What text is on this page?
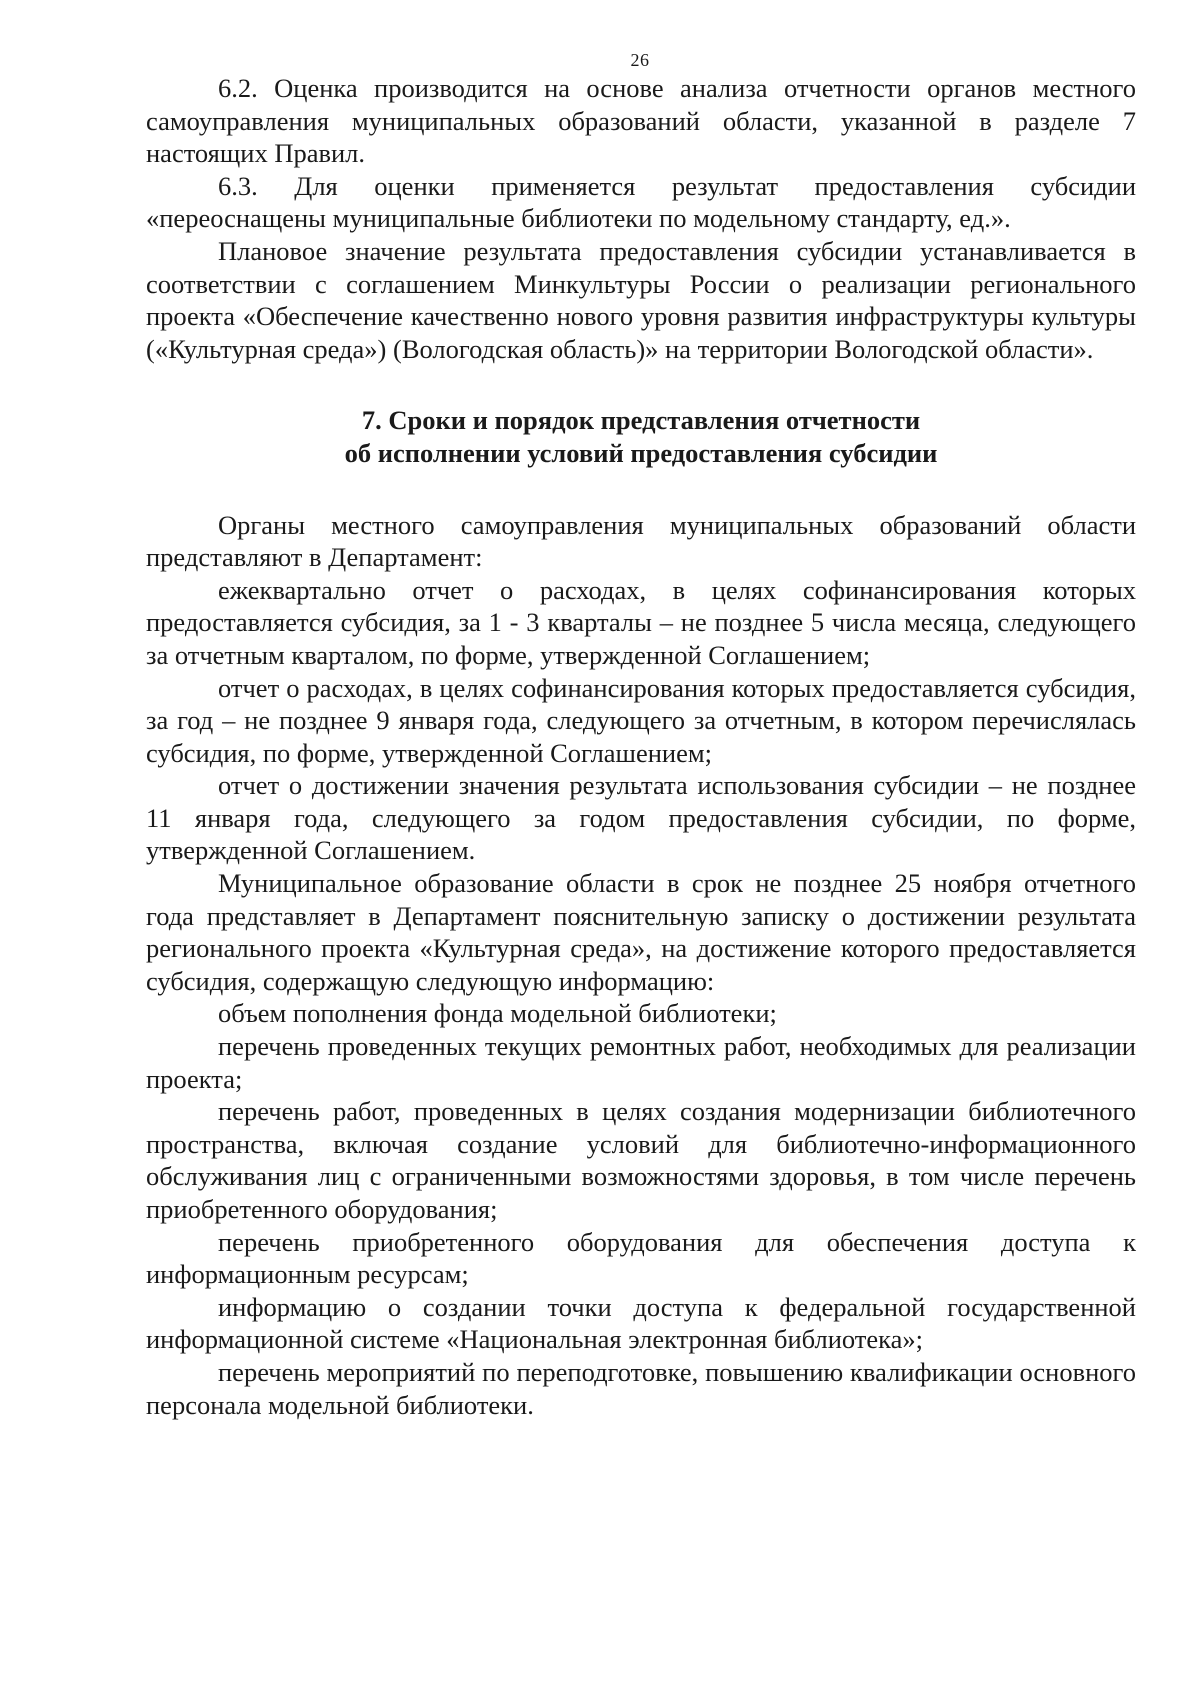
26

6.2. Оценка производится на основе анализа отчетности органов местного самоуправления муниципальных образований области, указанной в разделе 7 настоящих Правил.

6.3. Для оценки применяется результат предоставления субсидии «переоснащены муниципальные библиотеки по модельному стандарту, ед.».

Плановое значение результата предоставления субсидии устанавливается в соответствии с соглашением Минкультуры России о реализации регионального проекта «Обеспечение качественно нового уровня развития инфраструктуры культуры («Культурная среда») (Вологодская область)» на территории Вологодской области».

7. Сроки и порядок представления отчетности
об исполнении условий предоставления субсидии

Органы местного самоуправления муниципальных образований области представляют в Департамент:

ежеквартально отчет о расходах, в целях софинансирования которых предоставляется субсидия, за 1 - 3 кварталы – не позднее 5 числа месяца, следующего за отчетным кварталом, по форме, утвержденной Соглашением;

отчет о расходах, в целях софинансирования которых предоставляется субсидия, за год – не позднее 9 января года, следующего за отчетным, в котором перечислялась субсидия, по форме, утвержденной Соглашением;

отчет о достижении значения результата использования субсидии – не позднее 11 января года, следующего за годом предоставления субсидии, по форме, утвержденной Соглашением.

Муниципальное образование области в срок не позднее 25 ноября отчетного года представляет в Департамент пояснительную записку о достижении результата регионального проекта «Культурная среда», на достижение которого предоставляется субсидия, содержащую следующую информацию:

объем пополнения фонда модельной библиотеки;

перечень проведенных текущих ремонтных работ, необходимых для реализации проекта;

перечень работ, проведенных в целях создания модернизации библиотечного пространства, включая создание условий для библиотечно-информационного обслуживания лиц с ограниченными возможностями здоровья, в том числе перечень приобретенного оборудования;

перечень приобретенного оборудования для обеспечения доступа к информационным ресурсам;

информацию о создании точки доступа к федеральной государственной информационной системе «Национальная электронная библиотека»;

перечень мероприятий по переподготовке, повышению квалификации основного персонала модельной библиотеки.
